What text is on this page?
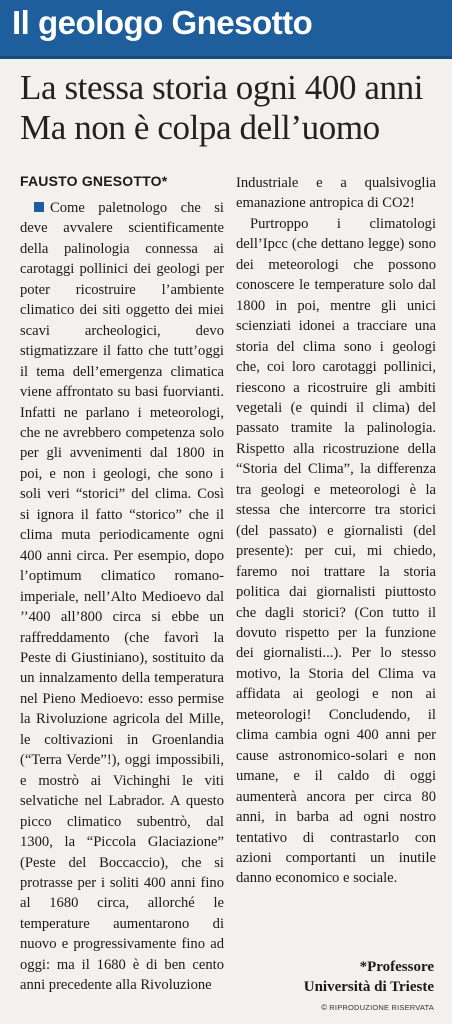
Il geologo Gnesotto
La stessa storia ogni 400 anni
Ma non è colpa dell’uomo
FAUSTO GNESOTTO*

Come paletnologo che si deve avvalere scientificamente della palinologia connessa ai carotaggi pollinici dei geologi per poter ricostruire l’ambiente climatico dei siti oggetto dei miei scavi archeologici, devo stigmatizzare il fatto che tutt’oggi il tema dell’emergenza climatica viene affrontato su basi fuorvianti. Infatti ne parlano i meteorologi, che ne avrebbero competenza solo per gli avvenimenti dal 1800 in poi, e non i geologi, che sono i soli veri “storici” del clima. Così si ignora il fatto “storico” che il clima muta periodicamente ogni 400 anni circa. Per esempio, dopo l’optimum climatico romano-imperiale, nell’Alto Medioevo dal ’’400 all’800 circa si ebbe un raffreddamento (che favorì la Peste di Giustiniano), sostituito da un innalzamento della temperatura nel Pieno Medioevo: esso permise la Rivoluzione agricola del Mille, le coltivazioni in Groenlandia (“Terra Verde”!), oggi impossibili, e mostrò ai Vichinghi le viti selvatiche nel Labrador. A questo picco climatico subentrò, dal 1300, la “Piccola Glaciazione” (Peste del Boccaccio), che si protrasse per i soliti 400 anni fino al 1680 circa, allorché le temperature aumentarono di nuovo e progressivamente fino ad oggi: ma il 1680 è di ben cento anni precedente alla Rivoluzione

Industriale e a qualsivoglia emanazione antropica di CO2!

Purtroppo i climatologi dell’Ipcc (che dettano legge) sono dei meteorologi che possono conoscere le temperature solo dal 1800 in poi, mentre gli unici scienziati idonei a tracciare una storia del clima sono i geologi che, coi loro carotaggi pollinici, riescono a ricostruire gli ambiti vegetali (e quindi il clima) del passato tramite la palinologia. Rispetto alla ricostruzione della “Storia del Clima”, la differenza tra geologi e meteorologi è la stessa che intercorre tra storici (del passato) e giornalisti (del presente): per cui, mi chiedo, faremo noi trattare la storia politica dai giornalisti piuttosto che dagli storici? (Con tutto il dovuto rispetto per la funzione dei giornalisti...). Per lo stesso motivo, la Storia del Clima va affidata ai geologi e non ai meteorologi! Concludendo, il clima cambia ogni 400 anni per cause astronomico-solari e non umane, e il caldo di oggi aumenterà ancora per circa 80 anni, in barba ad ogni nostro tentativo di contrastarlo con azioni comportanti un inutile danno economico e sociale.

*Professore
Università di Trieste
© RIPRODUZIONE RISERVATA
